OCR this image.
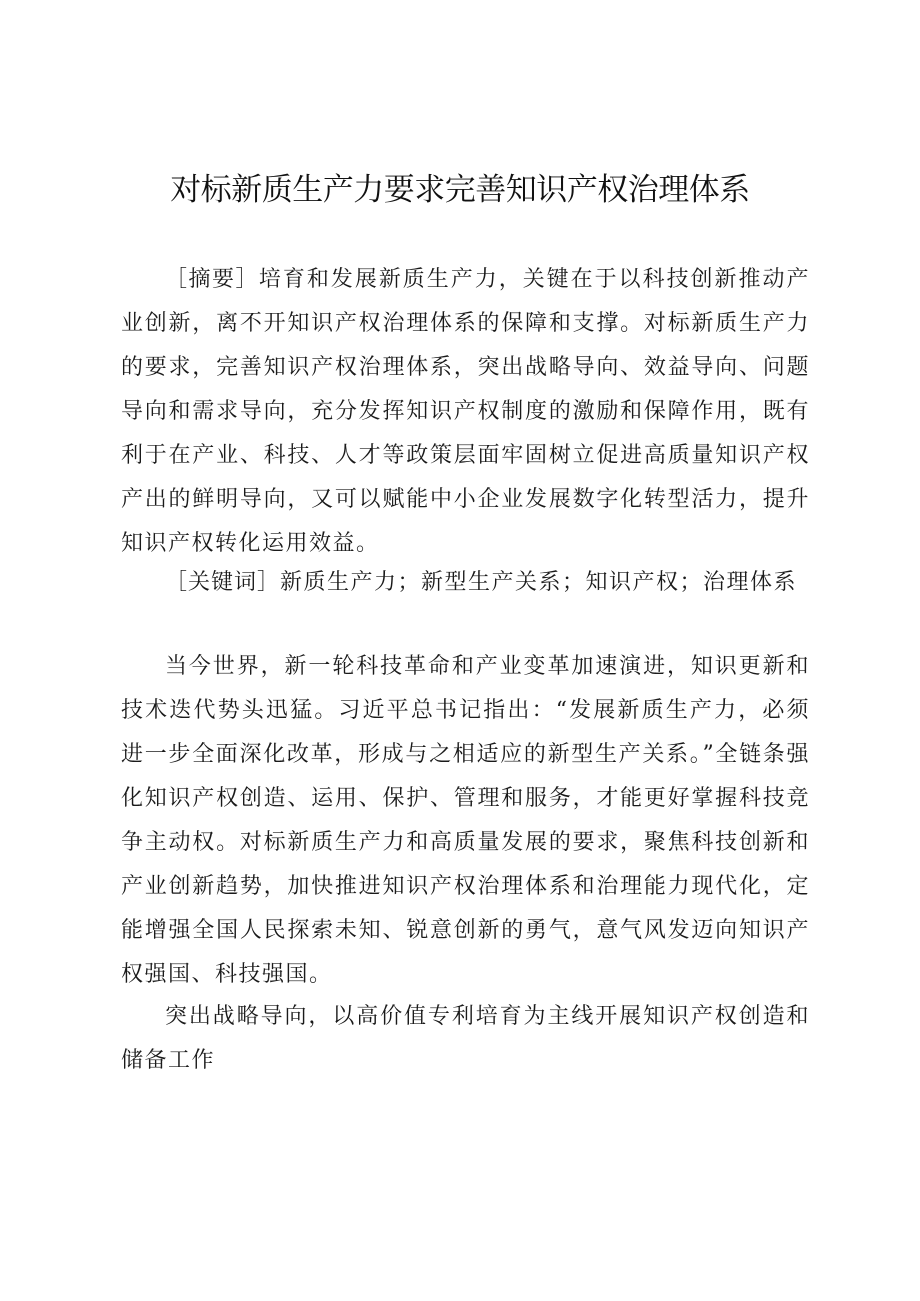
对标新质生产力要求完善知识产权治理体系

［摘要］培育和发展新质生产力，关键在于以科技创新推动产业创新，离不开知识产权治理体系的保障和支撑。对标新质生产力的要求，完善知识产权治理体系，突出战略导向、效益导向、问题导向和需求导向，充分发挥知识产权制度的激励和保障作用，既有利于在产业、科技、人才等政策层面牢固树立促进高质量知识产权产出的鲜明导向，又可以赋能中小企业发展数字化转型活力，提升知识产权转化运用效益。

［关键词］新质生产力；新型生产关系；知识产权；治理体系

当今世界，新一轮科技革命和产业变革加速演进，知识更新和技术迭代势头迅猛。习近平总书记指出：“发展新质生产力，必须进一步全面深化改革，形成与之相适应的新型生产关系。”全链条强化知识产权创造、运用、保护、管理和服务，才能更好掌握科技竞争主动权。对标新质生产力和高质量发展的要求，聚焦科技创新和产业创新趋势，加快推进知识产权治理体系和治理能力现代化，定能增强全国人民探索未知、锐意创新的勇气，意气风发迈向知识产权强国、科技强国。

突出战略导向，以高价值专利培育为主线开展知识产权创造和储备工作
